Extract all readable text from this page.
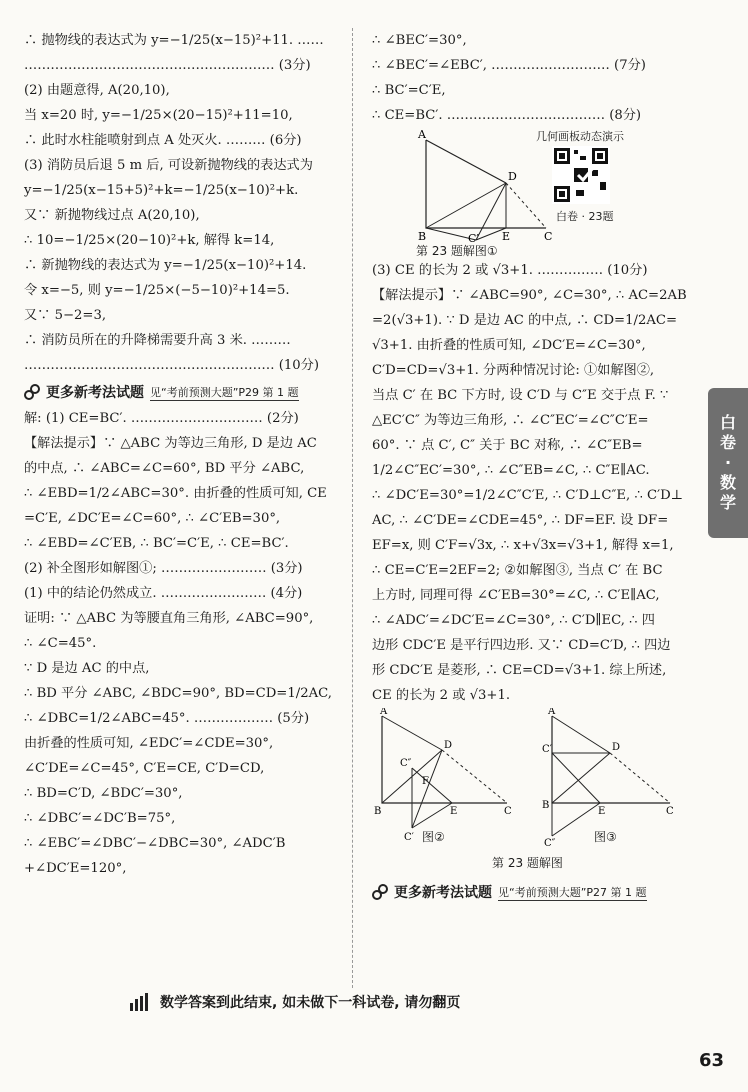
∴ 抛物线的表达式为 y=−1/25(x−15)²+11. ……
………………………………………………… (3分)
(2) 由题意得, A(20,10),
当 x=20 时, y=−1/25×(20−15)²+11=10,
∴ 此时水柱能喷射到点 A 处灭火. ……… (6分)
(3) 消防员后退 5 m 后, 可设新抛物线的表达式为
y=−1/25(x−15+5)²+k=−1/25(x−10)²+k.
又∵ 新抛物线过点 A(20,10),
∴ 10=−1/25×(20−10)²+k, 解得 k=14,
∴ 新抛物线的表达式为 y=−1/25(x−10)²+14.
令 x=−5, 则 y=−1/25×(−5−10)²+14=5.
又∵ 5−2=3,
∴ 消防员所在的升降梯需要升高 3 米. ………
………………………………………………… (10分)
更多新考法试题 见“考前预测大题”P29 第 1 题
解: (1) CE=BC′. ………………………… (2分)
【解法提示】∵ △ABC 为等边三角形, D 是边 AC
的中点, ∴ ∠ABC=∠C=60°, BD 平分 ∠ABC,
∴ ∠EBD=1/2∠ABC=30°. 由折叠的性质可知, CE
=C′E, ∠DC′E=∠C=60°, ∴ ∠C′EB=30°,
∴ ∠EBD=∠C′EB, ∴ BC′=C′E, ∴ CE=BC′.
(2) 补全图形如解图①; …………………… (3分)
(1) 中的结论仍然成立. …………………… (4分)
证明: ∵ △ABC 为等腰直角三角形, ∠ABC=90°,
∴ ∠C=45°.
∵ D 是边 AC 的中点,
∴ BD 平分 ∠ABC, ∠BDC=90°, BD=CD=1/2AC,
∴ ∠DBC=1/2∠ABC=45°. ……………… (5分)
由折叠的性质可知, ∠EDC′=∠CDE=30°,
∠C′DE=∠C=45°, C′E=CE, C′D=CD,
∴ BD=C′D, ∠BDC′=30°,
∴ ∠DBC′=∠DC′B=75°,
∴ ∠EBC′=∠DBC′−∠DBC=30°, ∠ADC′B
+∠DC′E=120°,
∴ ∠BEC′=30°,
∴ ∠BEC′=∠EBC′, ……………………… (7分)
∴ BC′=C′E,
∴ CE=BC′. ……………………………… (8分)
A
D
B	C′ E	C
几何画板动态演示
白卷 · 23题
第 23 题解图①
(3) CE 的长为 2 或 √3+1. …………… (10分)
【解法提示】∵ ∠ABC=90°, ∠C=30°, ∴ AC=2AB
=2(√3+1). ∵ D 是边 AC 的中点, ∴ CD=1/2AC=
√3+1. 由折叠的性质可知, ∠DC′E=∠C=30°,
C′D=CD=√3+1. 分两种情况讨论: ①如解图②,
当点 C′ 在 BC 下方时, 设 C′D 与 C″E 交于点 F. ∵
△EC′C″ 为等边三角形, ∴ ∠C″EC′=∠C″C′E=
60°. ∵ 点 C′, C″ 关于 BC 对称, ∴ ∠C″EB=
1/2∠C″EC′=30°, ∴ ∠C″EB=∠C, ∴ C″E∥AC.
∴ ∠DC′E=30°=1/2∠C″C′E, ∴ C′D⊥C″E, ∴ C′D⊥
AC, ∴ ∠C′DE=∠CDE=45°, ∴ DF=EF. 设 DF=
EF=x, 则 C′F=√3x, ∴ x+√3x=√3+1, 解得 x=1,
∴ CE=C′E=2EF=2; ②如解图③, 当点 C′ 在 BC
上方时, 同理可得 ∠C′EB=30°=∠C, ∴ C′E∥AC,
∴ ∠ADC′=∠DC′E=∠C=30°, ∴ C′D∥EC, ∴ 四
边形 CDC′E 是平行四边形. 又∵ CD=C′D, ∴ 四边
形 CDC′E 是菱形, ∴ CE=CD=√3+1. 综上所述,
CE 的长为 2 或 √3+1.
A
D
B	E	C
C′
C″
F
A
D
C′
B
E	C
C″
图②	图③
第 23 题解图
更多新考法试题 见“考前预测大题”P27 第 1 题
白
卷
·
数
学
数学答案到此结束, 如未做下一科试卷, 请勿翻页
63
